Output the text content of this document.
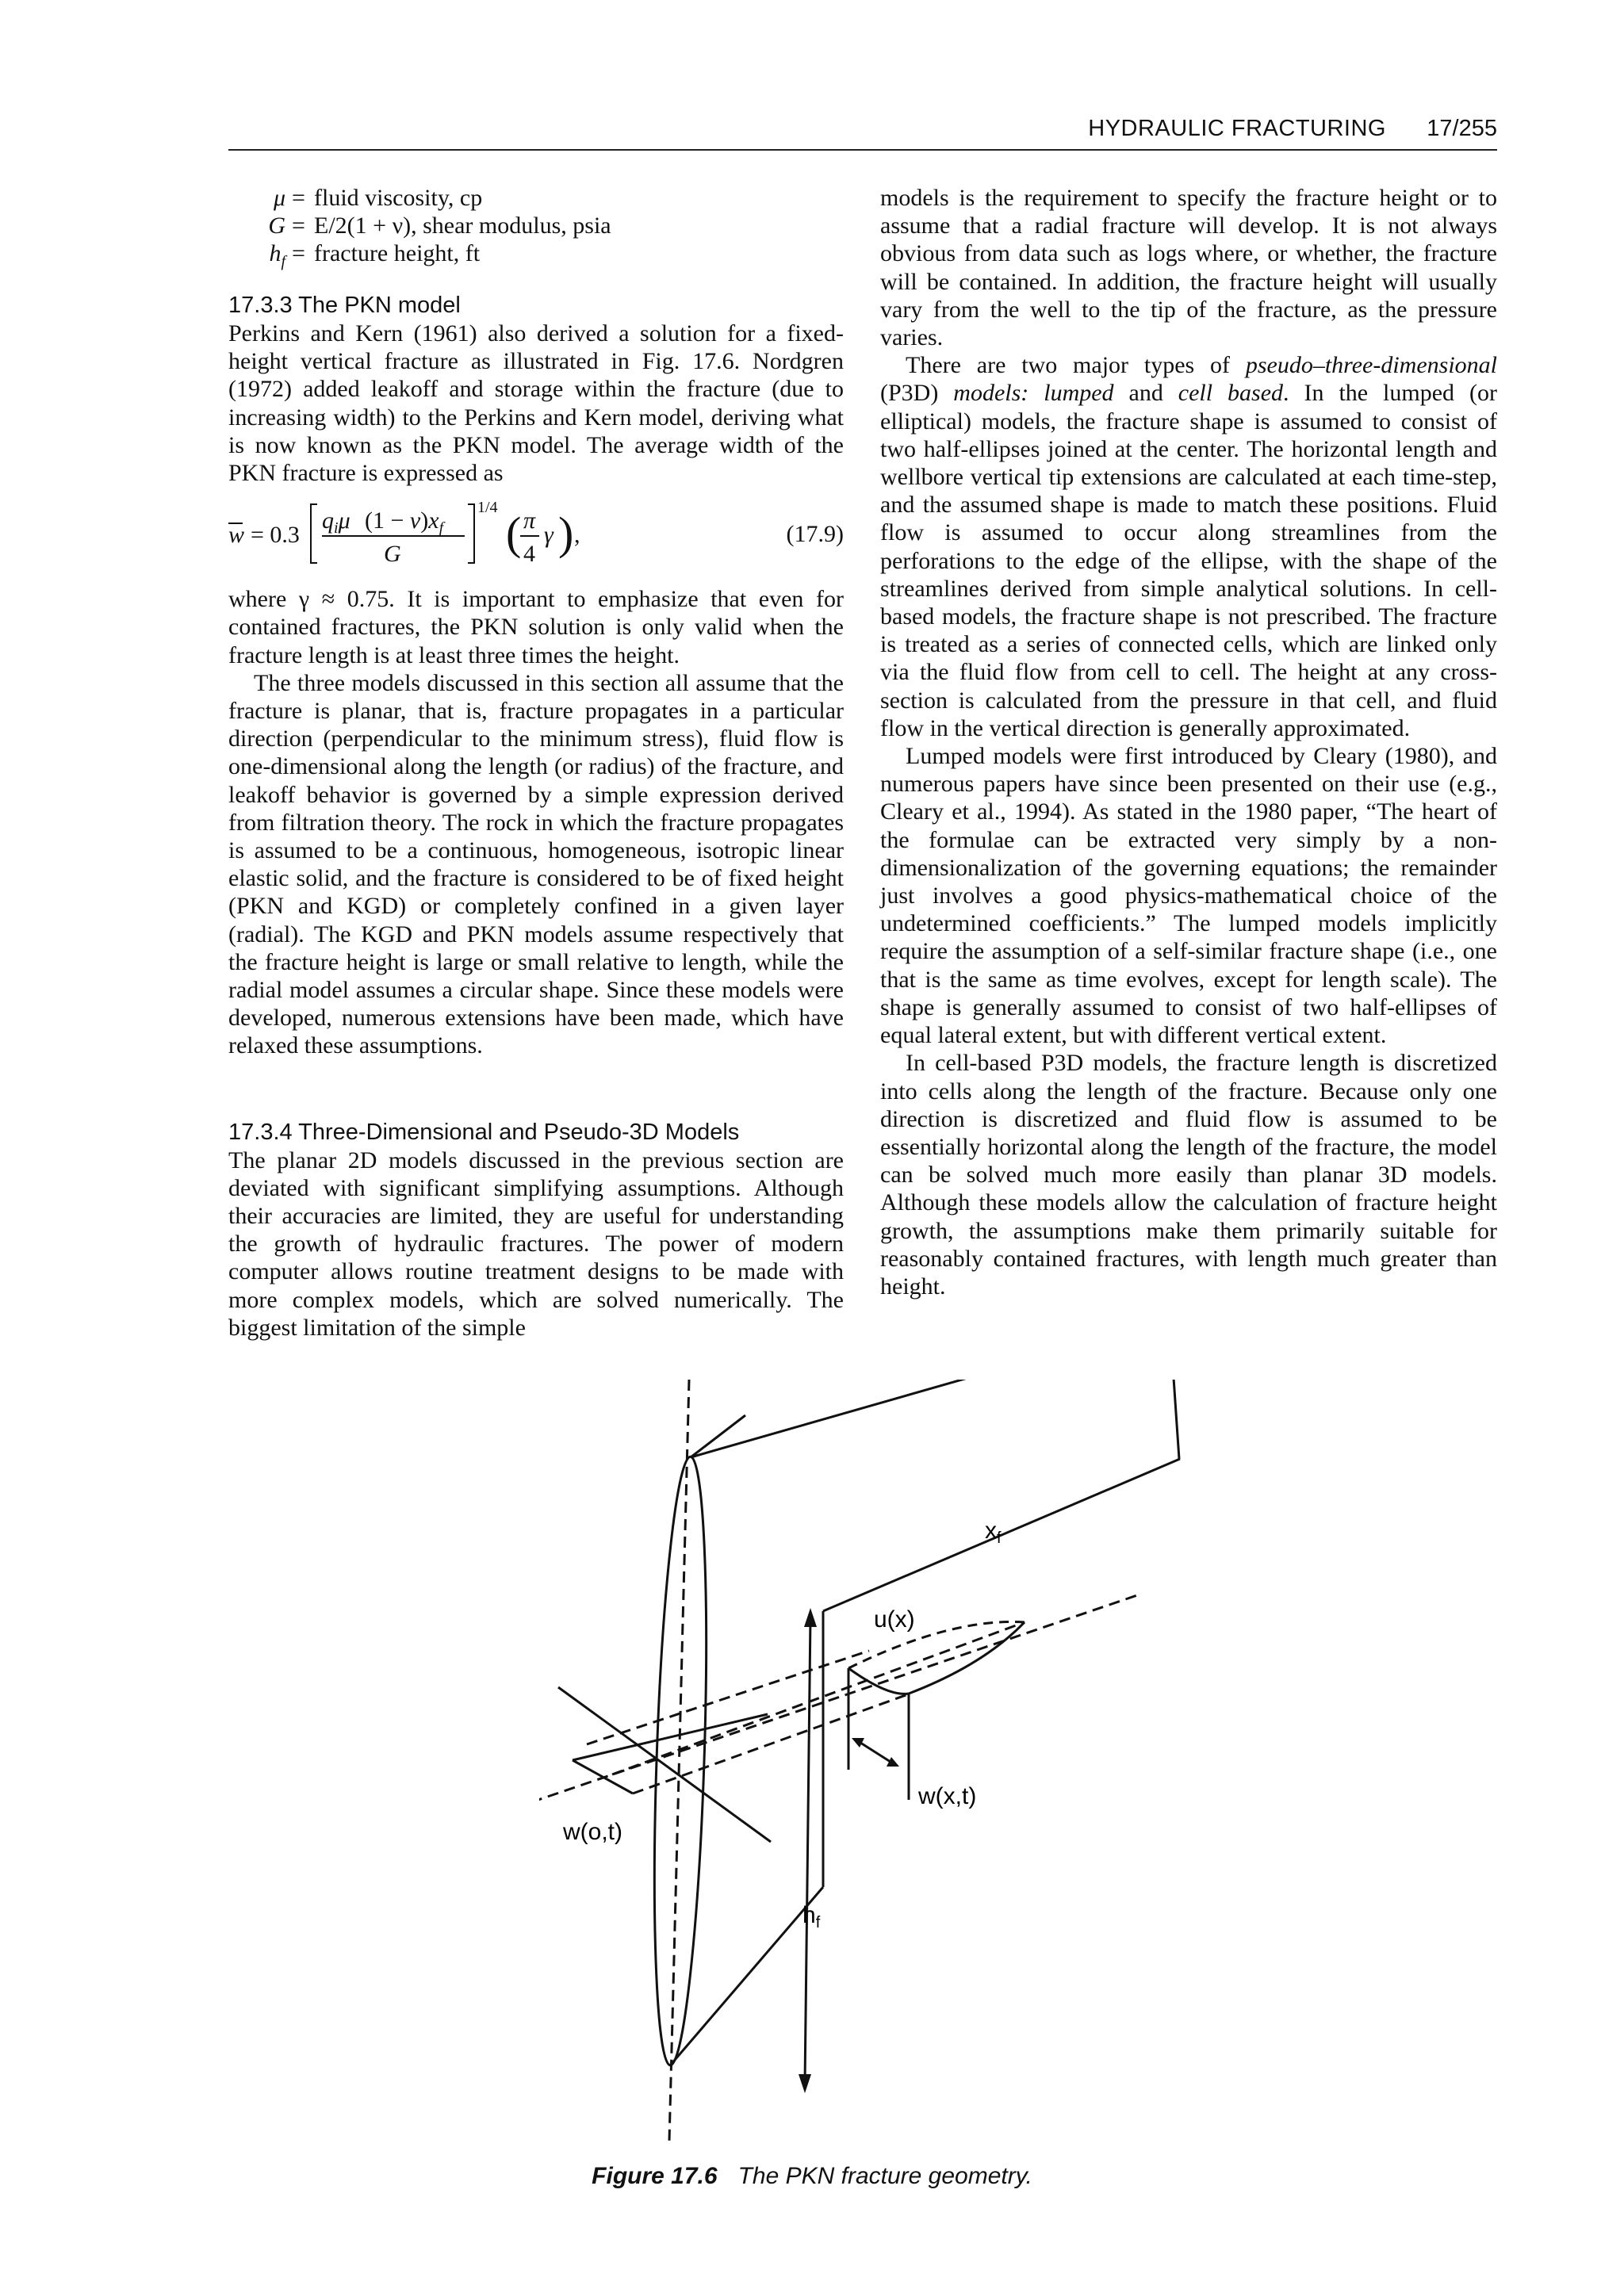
HYDRAULIC FRACTURING 17/255
μ = fluid viscosity, cp
G = E/2(1 + ν), shear modulus, psia
$h_f$ = fracture height, ft
17.3.3 The PKN model

Perkins and Kern (1961) also derived a solution for a fixed-height vertical fracture as illustrated in Fig. 17.6. Nordgren (1972) added leakoff and storage within the fracture (due to increasing width) to the Perkins and Kern model, deriving what is now known as the PKN model. The average width of the PKN fracture is expressed as

w = 0.3
$q_i\mu$ $(1 - \nu)x_f$
G
1/4 ( π
4
γ ) ,	(17.9)

where γ ≈ 0.75. It is important to emphasize that even for contained fractures, the PKN solution is only valid when the fracture length is at least three times the height.

The three models discussed in this section all assume that the fracture is planar, that is, fracture propagates in a particular direction (perpendicular to the minimum stress), fluid flow is one-dimensional along the length (or radius) of the fracture, and leakoff behavior is governed by a simple expression derived from filtration theory. The rock in which the fracture propagates is assumed to be a continuous, homogeneous, isotropic linear elastic solid, and the fracture is considered to be of fixed height (PKN and KGD) or completely confined in a given layer (radial). The KGD and PKN models assume respectively that the fracture height is large or small relative to length, while the radial model assumes a circular shape. Since these models were developed, numerous extensions have been made, which have relaxed these assumptions.

17.3.4 Three-Dimensional and Pseudo-3D Models

The planar 2D models discussed in the previous section are deviated with significant simplifying assumptions. Although their accuracies are limited, they are useful for understanding the growth of hydraulic fractures. The power of modern computer allows routine treatment designs to be made with more complex models, which are solved numerically. The biggest limitation of the simple

models is the requirement to specify the fracture height or to assume that a radial fracture will develop. It is not always obvious from data such as logs where, or whether, the fracture will be contained. In addition, the fracture height will usually vary from the well to the tip of the fracture, as the pressure varies.

There are two major types of pseudo–three-dimensional (P3D) models: lumped and cell based. In the lumped (or elliptical) models, the fracture shape is assumed to consist of two half-ellipses joined at the center. The horizontal length and wellbore vertical tip extensions are calculated at each time-step, and the assumed shape is made to match these positions. Fluid flow is assumed to occur along streamlines from the perforations to the edge of the ellipse, with the shape of the streamlines derived from simple analytical solutions. In cell-based models, the fracture shape is not prescribed. The fracture is treated as a series of connected cells, which are linked only via the fluid flow from cell to cell. The height at any cross-section is calculated from the pressure in that cell, and fluid flow in the vertical direction is generally approximated.

Lumped models were first introduced by Cleary (1980), and numerous papers have since been presented on their use (e.g., Cleary et al., 1994). As stated in the 1980 paper, “The heart of the formulae can be extracted very simply by a non-dimensionalization of the governing equations; the remainder just involves a good physics-mathematical choice of the undetermined coefficients.” The lumped models implicitly require the assumption of a self-similar fracture shape (i.e., one that is the same as time evolves, except for length scale). The shape is generally assumed to consist of two half-ellipses of equal lateral extent, but with different vertical extent.

In cell-based P3D models, the fracture length is discretized into cells along the length of the fracture. Because only one direction is discretized and fluid flow is assumed to be essentially horizontal along the length of the fracture, the model can be solved much more easily than planar 3D models. Although these models allow the calculation of fracture height growth, the assumptions make them primarily suitable for reasonably contained fractures, with length much greater than height.

u(x)
$x_f$
w(x,t)
w(o,t)
$h_f$
Figure 17.6 The PKN fracture geometry.
